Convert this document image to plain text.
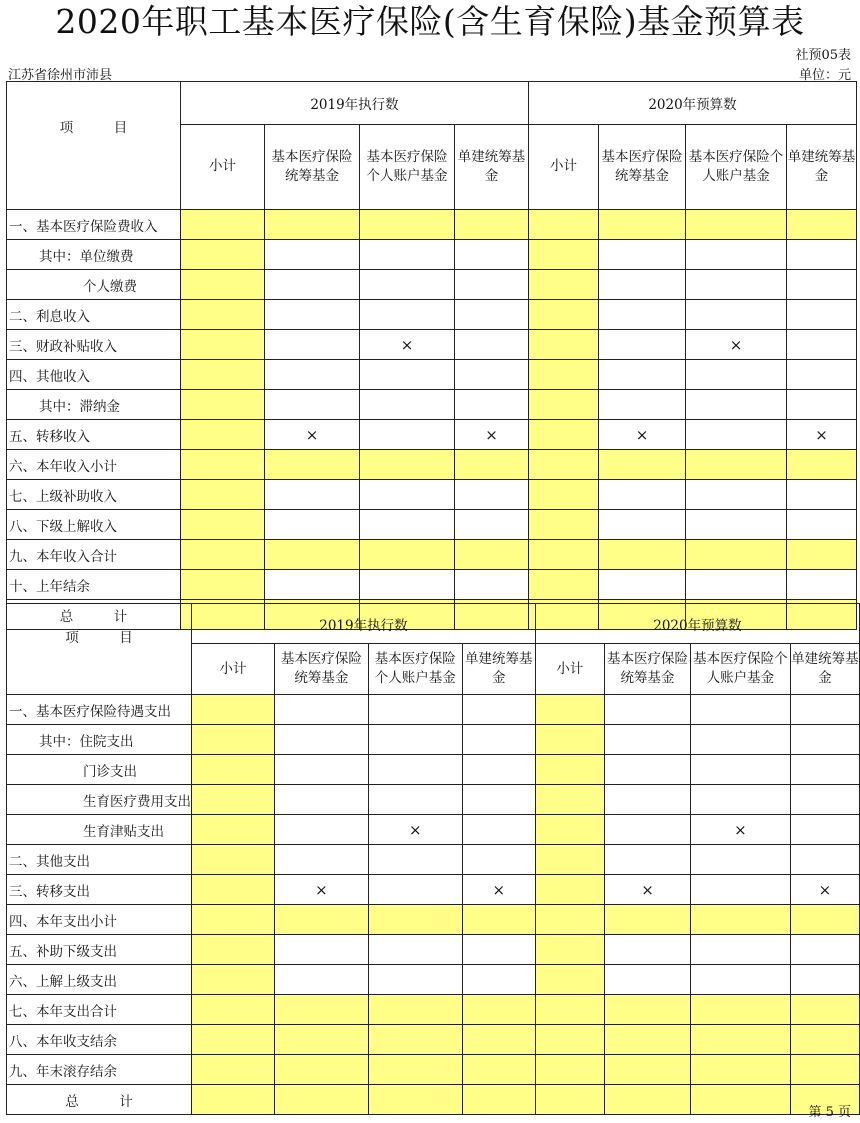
2020年职工基本医疗保险(含生育保险)基金预算表
社预05表
江苏省徐州市沛县	单位：元
项　　　目	2019年执行数				2020年预算数			
	小计	基本医疗保险统筹基金	基本医疗保险个人账户基金	单建统筹基金	小计	基本医疗保险统筹基金	基本医疗保险个人账户基金	单建统筹基金
一、基本医疗保险费收入								
其中：单位缴费								
个人缴费								
二、利息收入								
三、财政补贴收入			×				×	
四、其他收入								
其中：滞纳金								
五、转移收入		×		×		×		×
六、本年收入小计								
七、上级补助收入								
八、下级上解收入								
九、本年收入合计								
十、上年结余								
总　　　计								
项　　　目	2019年执行数				2020年预算数			
	小计	基本医疗保险统筹基金	基本医疗保险个人账户基金	单建统筹基金	小计	基本医疗保险统筹基金	基本医疗保险个人账户基金	单建统筹基金
一、基本医疗保险待遇支出								
其中：住院支出								
门诊支出								
生育医疗费用支出								
生育津贴支出			×				×	
二、其他支出								
三、转移支出		×		×		×		×
四、本年支出小计								
五、补助下级支出								
六、上解上级支出								
七、本年支出合计								
八、本年收支结余								
九、年末滚存结余								
总　　　计								
第 5 页
